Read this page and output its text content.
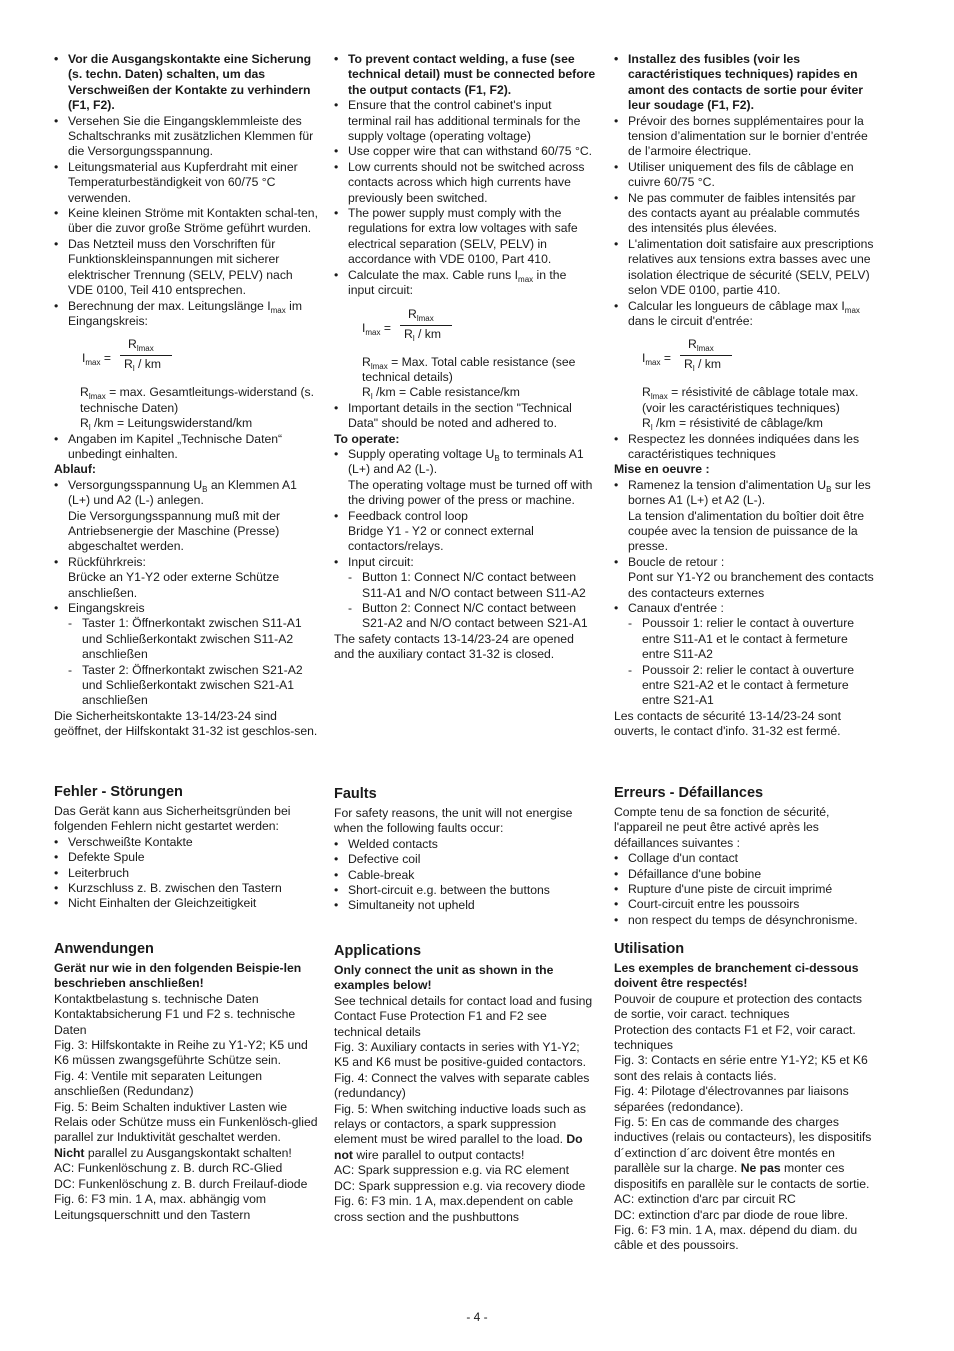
• Vor die Ausgangskontakte eine Sicherung (s. techn. Daten) schalten, um das Verschweißen der Kontakte zu verhindern (F1, F2).
• Versehen Sie die Eingangsklemmleiste des Schaltschranks mit zusätzlichen Klemmen für die Versorgungsspannung.
• Leitungsmaterial aus Kupferdraht mit einer Temperaturbeständigkeit von 60/75 °C verwenden.
• Keine kleinen Ströme mit Kontakten schal-ten, über die zuvor große Ströme geführt wurden.
• Das Netzteil muss den Vorschriften für Funktionskleinspannungen mit sicherer elektrischer Trennung (SELV, PELV) nach VDE 0100, Teil 410 entsprechen.
• Berechnung der max. Leitungslänge $I_{max}$ im Eingangskreis:
$I_{max}$ =
$R_{lmax}$
$R_l$ / km

$R_{lmax} = \max$. Gesamtleitungs-widerstand (s. technische Daten)

$R_l$ /km = Leitungswiderstand/km

• Angaben im Kapitel „Technische Daten“ unbedingt einhalten.

Ablauf:

• Versorgungsspannung $U_B$ an Klemmen A1 (L+) und A2 (L-) anlegen.
Die Versorgungsspannung muß mit der Antriebsenergie der Maschine (Presse) abgeschaltet werden.
• Rückführkreis:
Brücke an Y1-Y2 oder externe Schütze anschließen.
• Eingangskreis
- Taster 1: Öffnerkontakt zwischen S11-A1 und Schließerkontakt zwischen S11-A2 anschließen
- Taster 2: Öffnerkontakt zwischen S21-A2 und Schließerkontakt zwischen S21-A1 anschließen

Die Sicherheitskontakte 13-14/23-24 sind geöffnet, der Hilfskontakt 31-32 ist geschlos-sen.

Fehler - Störungen

Das Gerät kann aus Sicherheitsgründen bei folgenden Fehlern nicht gestartet werden:

• Verschweißte Kontakte
• Defekte Spule
• Leiterbruch
• Kurzschluss z. B. zwischen den Tastern
• Nicht Einhalten der Gleichzeitigkeit
Anwendungen

Gerät nur wie in den folgenden Beispie-len beschrieben anschließen!

Kontaktbelastung s. technische Daten

Kontaktabsicherung F1 und F2 s. technische Daten

Fig. 3: Hilfskontakte in Reihe zu Y1-Y2; K5 und K6 müssen zwangsgeführte Schütze sein.

Fig. 4: Ventile mit separaten Leitungen anschließen (Redundanz)

Fig. 5: Beim Schalten induktiver Lasten wie Relais oder Schütze muss ein Funkenlösch-glied parallel zur Induktivität geschaltet werden.

Nicht parallel zu Ausgangskontakt schalten!

AC: Funkenlöschung z. B. durch RC-Glied

DC: Funkenlöschung z. B. durch Freilauf-diode

Fig. 6: F3 min. 1 A, max. abhängig vom Leitungsquerschnitt und den Tastern

• To prevent contact welding, a fuse (see technical detail) must be connected before the output contacts (F1, F2).
• Ensure that the control cabinet's input terminal rail has additional terminals for the supply voltage (operating voltage)
• Use copper wire that can withstand 60/75 °C.
• Low currents should not be switched across contacts across which high currents have previously been switched.
• The power supply must comply with the regulations for extra low voltages with safe electrical separation (SELV, PELV) in accordance with VDE 0100, Part 410.
• Calculate the max. Cable runs $I_{max}$ in the input circuit:
$I_{max}$ =
$R_{lmax}$
$R_l$ / km

$R_{lmax}$ = Max. Total cable resistance (see technical details)

$R_l$ /km = Cable resistance/km

• Important details in the section "Technical Data" should be noted and adhered to.

To operate:

• Supply operating voltage $U_B$ to terminals A1 (L+) and A2 (L-).
The operating voltage must be turned off with the driving power of the press or machine.
• Feedback control loop
Bridge Y1 - Y2 or connect external contactors/relays.
• Input circuit:
- Button 1: Connect N/C contact between S11-A1 and N/O contact between S11-A2
- Button 2: Connect N/C contact between S21-A2 and N/O contact between S21-A1

The safety contacts 13-14/23-24 are opened and the auxiliary contact 31-32 is closed.

Faults

For safety reasons, the unit will not energise when the following faults occur:

• Welded contacts
• Defective coil
• Cable-break
• Short-circuit e.g. between the buttons
• Simultaneity not upheld
Applications

Only connect the unit as shown in the examples below!

See technical details for contact load and fusing

Contact Fuse Protection F1 and F2 see technical details

Fig. 3: Auxiliary contacts in series with Y1-Y2; K5 and K6 must be positive-guided contactors.

Fig. 4: Connect the valves with separate cables (redundancy)

Fig. 5: When switching inductive loads such as relays or contactors, a spark suppression element must be wired parallel to the load. Do not wire parallel to output contacts!

AC: Spark suppression e.g. via RC element

DC: Spark suppression e.g. via recovery diode

Fig. 6: F3 min. 1 A, max.dependent on cable cross section and the pushbuttons

• Installez des fusibles (voir les caractéristiques techniques) rapides en amont des contacts de sortie pour éviter leur soudage (F1, F2).
• Prévoir des bornes supplémentaires pour la tension d’alimentation sur le bornier d’entrée de l’armoire électrique.
• Utiliser uniquement des fils de câblage en cuivre 60/75 °C.
• Ne pas commuter de faibles intensités par des contacts ayant au préalable commutés des intensités plus élevées.
• L'alimentation doit satisfaire aux prescriptions relatives aux tensions extra basses avec une isolation électrique de sécurité (SELV, PELV) selon VDE 0100, partie 410.
• Calcular les longueurs de câblage $\max I_{max}$ dans le circuit d'entrée:
$I_{max}$ =
$R_{lmax}$
$R_l$ / km

$R_{lmax}$ = résistivité de câblage totale max. (voir les caractéristiques techniques)

$R_l$ /km = résistivité de câblage/km

• Respectez les données indiquées dans les caractéristiques techniques

Mise en oeuvre :

• Ramenez la tension d'alimentation $U_B$ sur les bornes A1 (L+) et A2 (L-).
La tension d'alimentation du boîtier doit être coupée avec la tension de puissance de la presse.
• Boucle de retour :
Pont sur Y1-Y2 ou branchement des contacts des contacteurs externes
• Canaux d'entrée :
- Poussoir 1: relier le contact à ouverture entre S11-A1 et le contact à fermeture entre S11-A2
- Poussoir 2: relier le contact à ouverture entre S21-A2 et le contact à fermeture entre S21-A1

Les contacts de sécurité 13-14/23-24 sont ouverts, le contact d'info. 31-32 est fermé.

Erreurs - Défaillances

Compte tenu de sa fonction de sécurité, l'appareil ne peut être activé après les défaillances suivantes :

• Collage d'un contact
• Défaillance d'une bobine
• Rupture d'une piste de circuit imprimé
• Court-circuit entre les poussoirs
• non respect du temps de désynchronisme.
Utilisation

Les exemples de branchement ci-dessous doivent être respectés!

Pouvoir de coupure et protection des contacts de sortie, voir caract. techniques

Protection des contacts F1 et F2, voir caract. techniques

Fig. 3: Contacts en série entre Y1-Y2; K5 et K6 sont des relais à contacts liés.

Fig. 4: Pilotage d'électrovannes par liaisons séparées (redondance).

Fig. 5: En cas de commande des charges inductives (relais ou contacteurs), les dispositifs d´extinction d´arc doivent être montés en parallèle sur la charge. Ne pas monter ces dispositifs en parallèle sur le contacts de sortie.

AC: extinction d'arc par circuit RC

DC: extinction d'arc par diode de roue libre.

Fig. 6: F3 min. 1 A, max. dépend du diam. du câble et des poussoirs.

- 4 -
